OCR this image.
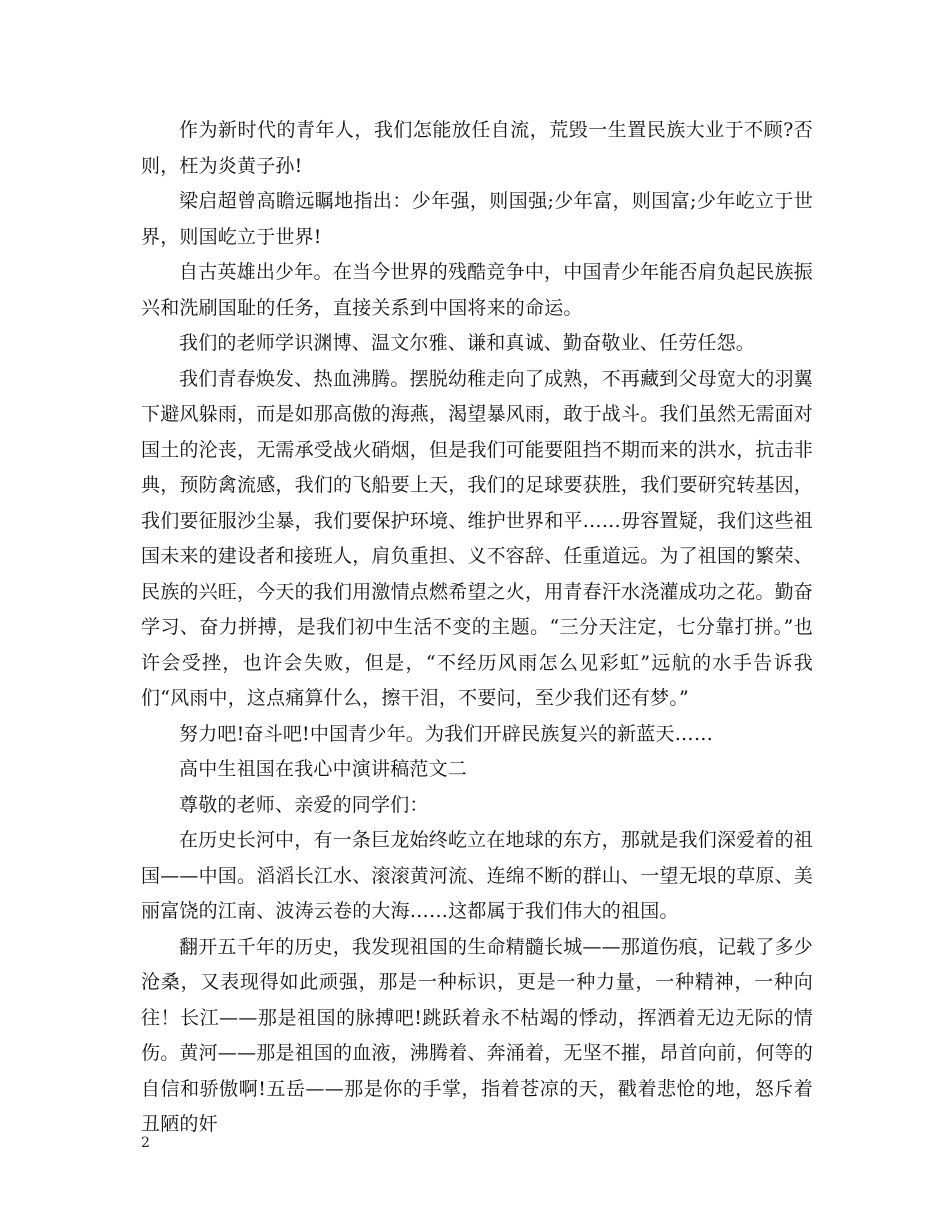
作为新时代的青年人，我们怎能放任自流，荒毁一生置民族大业于不顾?否则，枉为炎黄子孙!

梁启超曾高瞻远瞩地指出：少年强，则国强;少年富，则国富;少年屹立于世界，则国屹立于世界!

自古英雄出少年。在当今世界的残酷竞争中，中国青少年能否肩负起民族振兴和洗刷国耻的任务，直接关系到中国将来的命运。

我们的老师学识渊博、温文尔雅、谦和真诚、勤奋敬业、任劳任怨。

我们青春焕发、热血沸腾。摆脱幼稚走向了成熟，不再藏到父母宽大的羽翼下避风躲雨，而是如那高傲的海燕，渴望暴风雨，敢于战斗。我们虽然无需面对国土的沦丧，无需承受战火硝烟，但是我们可能要阻挡不期而来的洪水，抗击非典，预防禽流感，我们的飞船要上天，我们的足球要获胜，我们要研究转基因，我们要征服沙尘暴，我们要保护环境、维护世界和平……毋容置疑，我们这些祖国未来的建设者和接班人，肩负重担、义不容辞、任重道远。为了祖国的繁荣、民族的兴旺，今天的我们用激情点燃希望之火，用青春汗水浇灌成功之花。勤奋学习、奋力拼搏，是我们初中生活不变的主题。“三分天注定，七分靠打拼。”也许会受挫，也许会失败，但是，“不经历风雨怎么见彩虹”远航的水手告诉我们“风雨中，这点痛算什么，擦干泪，不要问，至少我们还有梦。”

努力吧!奋斗吧!中国青少年。为我们开辟民族复兴的新蓝天……

高中生祖国在我心中演讲稿范文二

尊敬的老师、亲爱的同学们：

在历史长河中，有一条巨龙始终屹立在地球的东方，那就是我们深爱着的祖国——中国。滔滔长江水、滚滚黄河流、连绵不断的群山、一望无垠的草原、美丽富饶的江南、波涛云卷的大海……这都属于我们伟大的祖国。

翻开五千年的历史，我发现祖国的生命精髓长城——那道伤痕，记载了多少沧桑，又表现得如此顽强，那是一种标识，更是一种力量，一种精神，一种向往！长江——那是祖国的脉搏吧!跳跃着永不枯竭的悸动，挥洒着无边无际的情伤。黄河——那是祖国的血液，沸腾着、奔涌着，无坚不摧，昂首向前，何等的自信和骄傲啊!五岳——那是你的手掌，指着苍凉的天，戳着悲怆的地，怒斥着丑陋的奸

2
